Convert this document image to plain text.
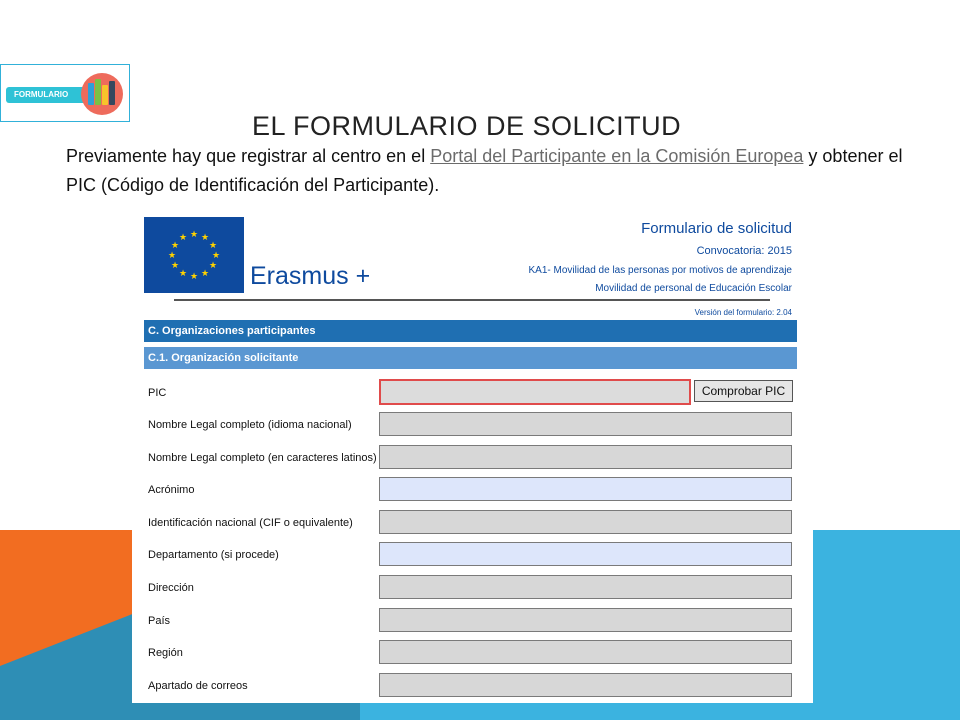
FORMULARIO
EL FORMULARIO DE SOLICITUD

Previamente hay que registrar al centro en el Portal del Participante en la Comisión Europea y obtener el PIC (Código de Identificación del Participante).

★ ★
★
★
★
★
★
★
★
★
★
★
Erasmus +
Formulario de solicitud
Convocatoria: 2015
KA1- Movilidad de las personas por motivos de aprendizaje
Movilidad de personal de Educación Escolar
Versión del formulario: 2.04
C. Organizaciones participantes
C.1. Organización solicitante
PIC	Comprobar PIC
Nombre Legal completo (idioma nacional)
Nombre Legal completo (en caracteres latinos)
Acrónimo
Identificación nacional (CIF o equivalente)
Departamento (si procede)
Dirección
País
Región
Apartado de correos
